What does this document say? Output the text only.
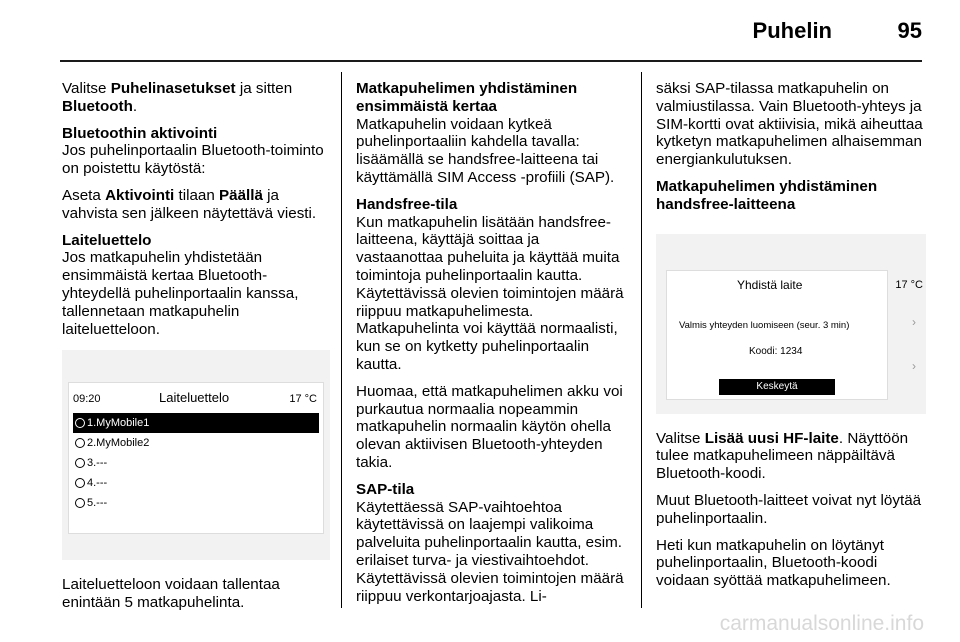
Puhelin	95

Valitse Puhelinasetukset ja sitten Bluetooth.

Bluetoothin aktivointi

Jos puhelinportaalin Bluetooth-toiminto on poistettu käytöstä:

Aseta Aktivointi tilaan Päällä ja vahvista sen jälkeen näytettävä viesti.

Laiteluettelo

Jos matkapuhelin yhdistetään ensimmäistä kertaa Bluetooth-yhteydellä puhelinportaalin kanssa, tallennetaan matkapuhelin laiteluetteloon.

09:20	Laiteluettelo	17 °C
1.MyMobile1
2.MyMobile2
3.---
4.---
5.---

Laiteluetteloon voidaan tallentaa enintään 5 matkapuhelinta.

Matkapuhelimen yhdistäminen ensimmäistä kertaa

Matkapuhelin voidaan kytkeä puhelinportaaliin kahdella tavalla: lisäämällä se handsfree-laitteena tai käyttämällä SIM Access -profiili (SAP).

Handsfree-tila

Kun matkapuhelin lisätään handsfree-laitteena, käyttäjä soittaa ja vastaanottaa puheluita ja käyttää muita toimintoja puhelinportaalin kautta. Käytettävissä olevien toimintojen määrä riippuu matkapuhelimesta. Matkapuhelinta voi käyttää normaalisti, kun se on kytketty puhelinportaalin kautta.

Huomaa, että matkapuhelimen akku voi purkautua normaalia nopeammin matkapuhelin normaalin käytön ohella olevan aktiivisen Bluetooth-yhteyden takia.

SAP-tila

Käytettäessä SAP-vaihtoehtoa käytettävissä on laajempi valikoima palveluita puhelinportaalin kautta, esim. erilaiset turva- ja viestivaihtoehdot. Käytettävissä olevien toimintojen määrä riippuu verkontarjoajasta. Li-

säksi SAP-tilassa matkapuhelin on valmiustilassa. Vain Bluetooth-yhteys ja SIM-kortti ovat aktiivisia, mikä aiheuttaa kytketyn matkapuhelimen alhaisemman energiankulutuksen.

Matkapuhelimen yhdistäminen handsfree-laitteena

Yhdistä laite	17 °C
Valmis yhteyden luomiseen (seur. 3 min)
Koodi: 1234
Keskeytä
›
›

Valitse Lisää uusi HF-laite. Näyttöön tulee matkapuhelimeen näppäiltävä Bluetooth-koodi.

Muut Bluetooth-laitteet voivat nyt löytää puhelinportaalin.

Heti kun matkapuhelin on löytänyt puhelinportaalin, Bluetooth-koodi voidaan syöttää matkapuhelimeen.

carmanualsonline.info
